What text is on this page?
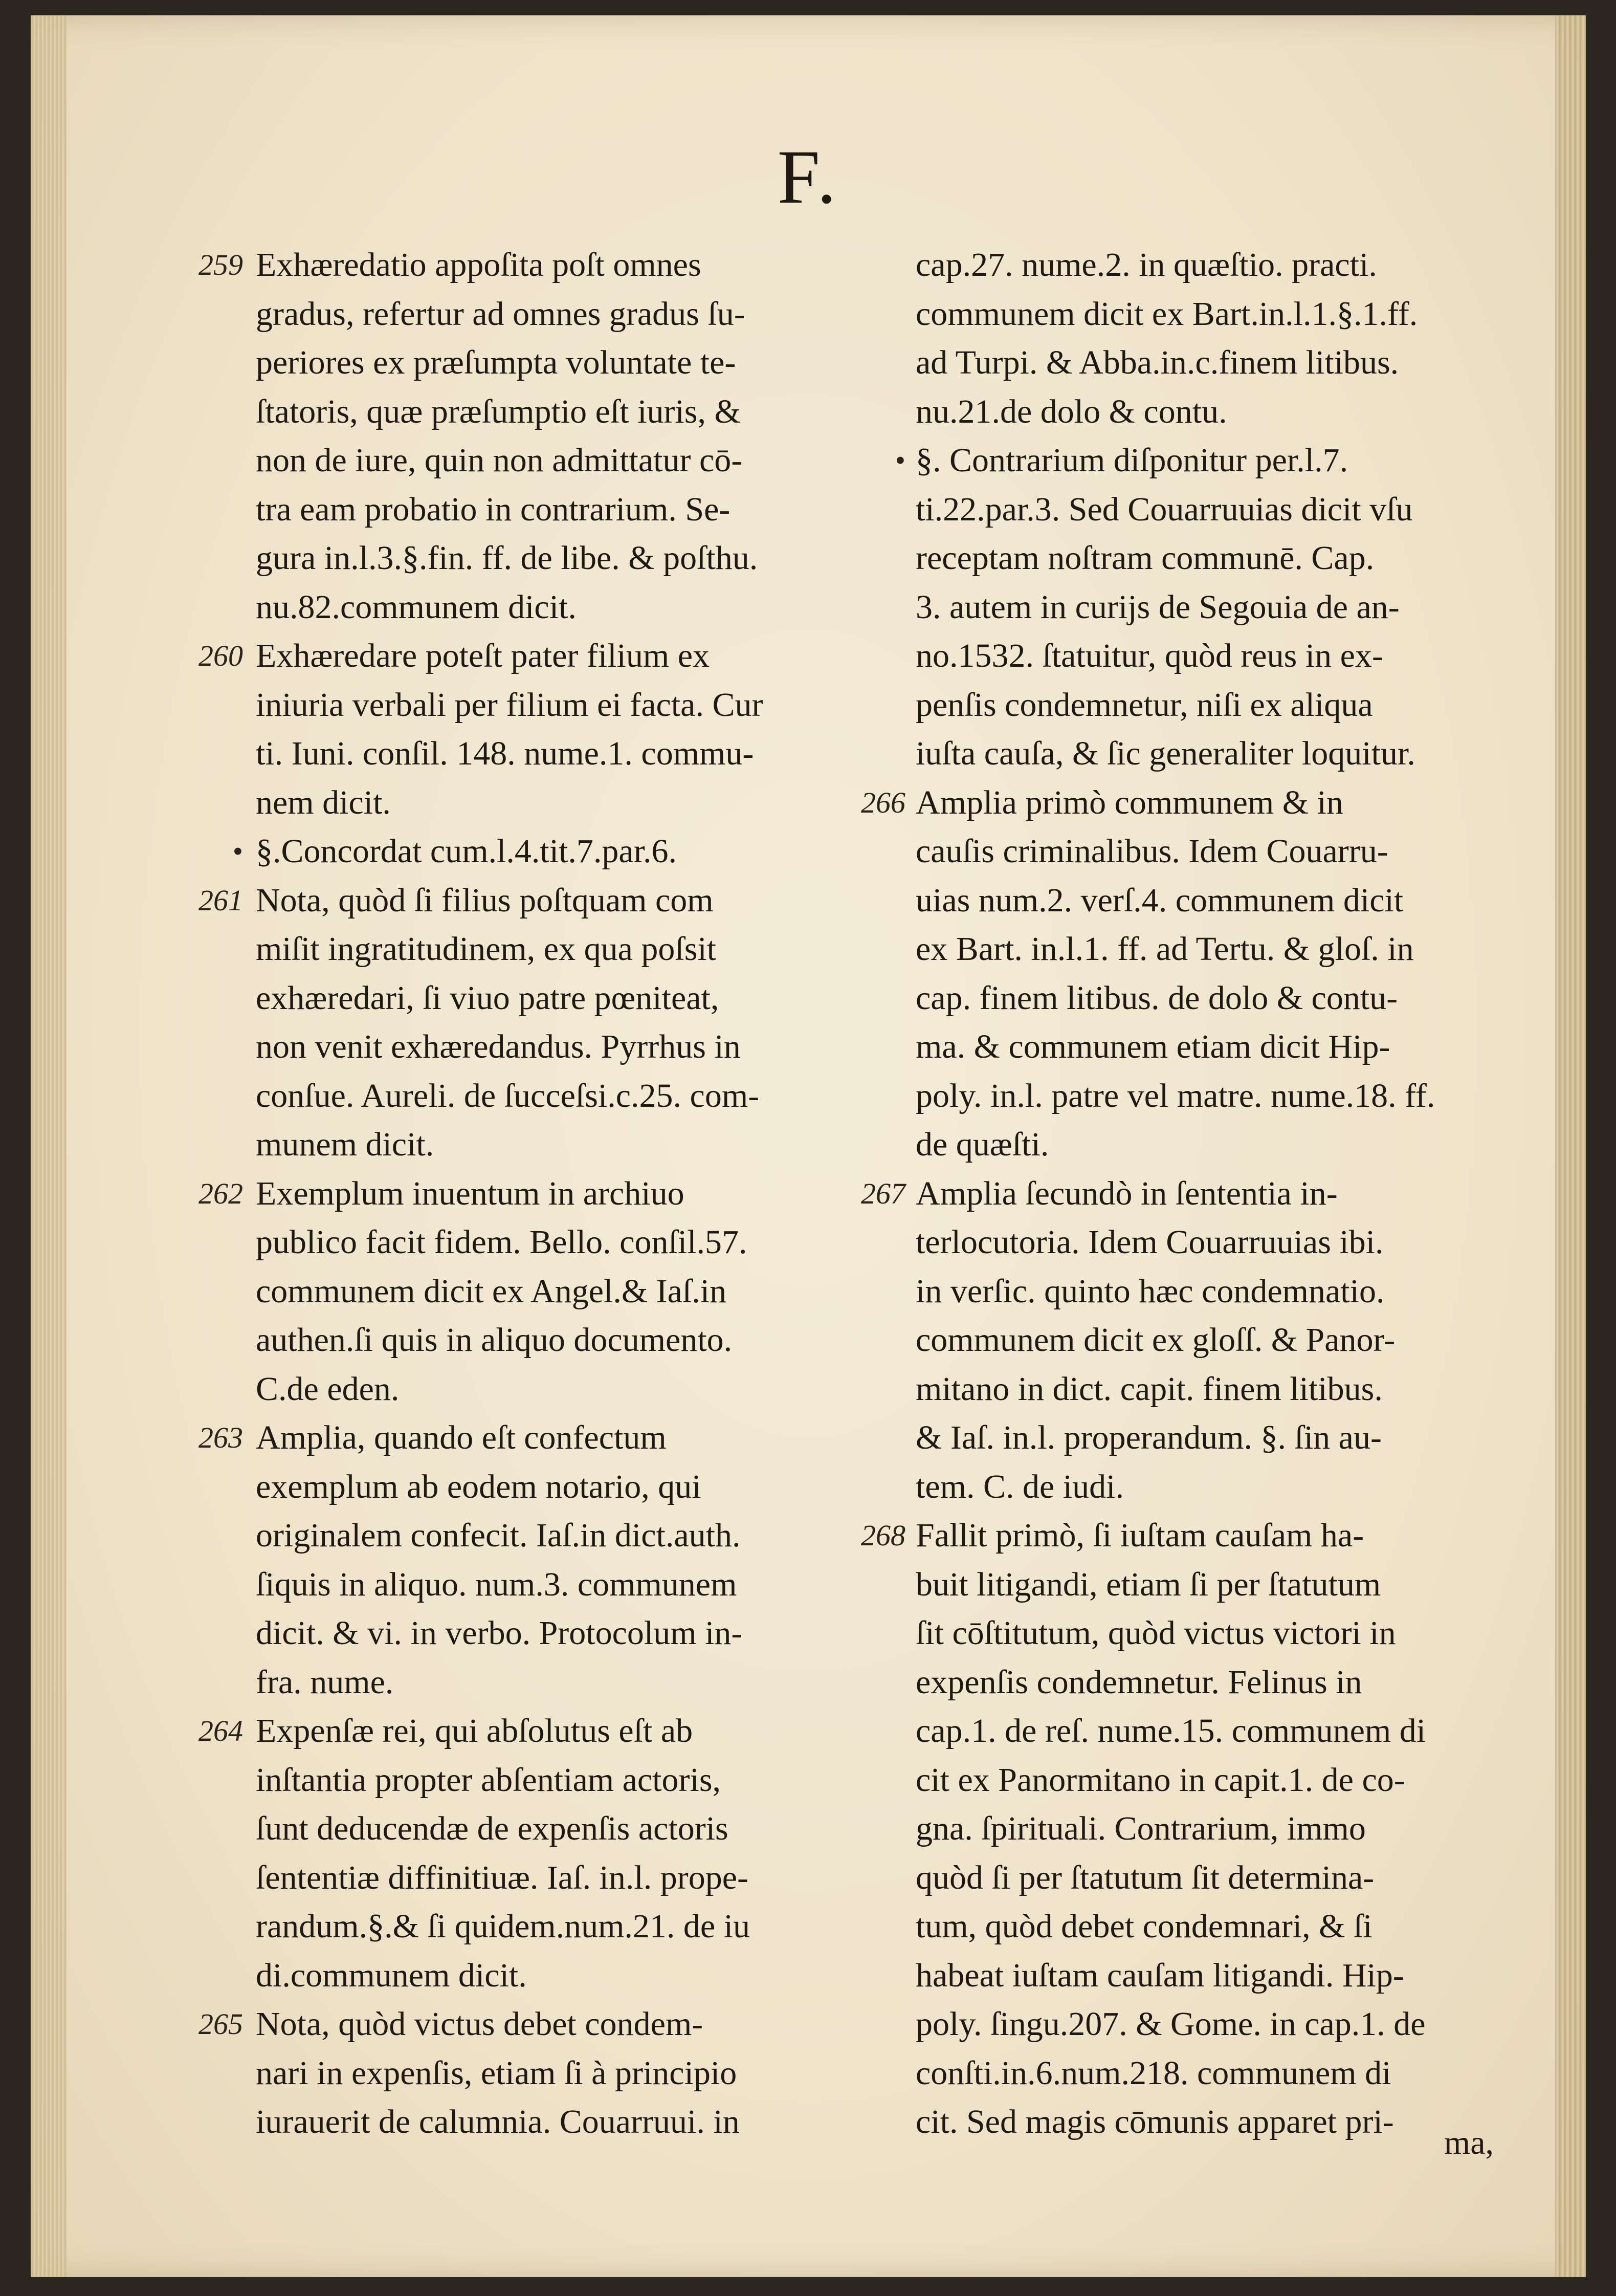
F.
259 Exhæredatio appoſita poſt omnes
gradus, refertur ad omnes gradus ſu-
periores ex præſumpta voluntate te-
ſtatoris, quæ præſumptio eſt iuris, &
non de iure, quin non admittatur cō-
tra eam probatio in contrarium. Se-
gura in.l.3.§.fin. ff. de libe. & poſthu.
nu.82.communem dicit.
260 Exhæredare poteſt pater filium ex
iniuria verbali per filium ei facta. Cur
ti. Iuni. conſil. 148. nume.1. commu-
nem dicit.
• §.Concordat cum.l.4.tit.7.par.6.
261 Nota, quòd ſi filius poſtquam com
miſit ingratitudinem, ex qua poſsit
exhæredari, ſi viuo patre pœniteat,
non venit exhæredandus. Pyrrhus in
conſue. Aureli. de ſucceſsi.c.25. com-
munem dicit.
262 Exemplum inuentum in archiuo
publico facit fidem. Bello. conſil.57.
communem dicit ex Angel.& Iaſ.in
authen.ſi quis in aliquo documento.
C.de eden.
263 Amplia, quando eſt confectum
exemplum ab eodem notario, qui
originalem confecit. Iaſ.in dict.auth.
ſiquis in aliquo. num.3. communem
dicit. & vi. in verbo. Protocolum in-
fra. nume.
264 Expenſæ rei, qui abſolutus eſt ab
inſtantia propter abſentiam actoris,
ſunt deducendæ de expenſis actoris
ſententiæ diffinitiuæ. Iaſ. in.l. prope-
randum.§.& ſi quidem.num.21. de iu
di.communem dicit.
265 Nota, quòd victus debet condem-
nari in expenſis, etiam ſi à principio
iurauerit de calumnia. Couarruui. in
cap.27. nume.2. in quæſtio. practi.
communem dicit ex Bart.in.l.1.§.1.ff.
ad Turpi. & Abba.in.c.finem litibus.
nu.21.de dolo & contu.
• §. Contrarium diſponitur per.l.7.
ti.22.par.3. Sed Couarruuias dicit vſu
receptam noſtram communē. Cap.
3. autem in curijs de Segouia de an-
no.1532. ſtatuitur, quòd reus in ex-
penſis condemnetur, niſi ex aliqua
iuſta cauſa, & ſic generaliter loquitur.
266 Amplia primò communem & in
cauſis criminalibus. Idem Couarru-
uias num.2. verſ.4. communem dicit
ex Bart. in.l.1. ff. ad Tertu. & gloſ. in
cap. finem litibus. de dolo & contu-
ma. & communem etiam dicit Hip-
poly. in.l. patre vel matre. nume.18. ff.
de quæſti.
267 Amplia ſecundò in ſententia in-
terlocutoria. Idem Couarruuias ibi.
in verſic. quinto hæc condemnatio.
communem dicit ex gloſſ. & Panor-
mitano in dict. capit. finem litibus.
& Iaſ. in.l. properandum. §. ſin au-
tem. C. de iudi.
268 Fallit primò, ſi iuſtam cauſam ha-
buit litigandi, etiam ſi per ſtatutum
ſit cōſtitutum, quòd victus victori in
expenſis condemnetur. Felinus in
cap.1. de reſ. nume.15. communem di
cit ex Panormitano in capit.1. de co-
gna. ſpirituali. Contrarium, immo
quòd ſi per ſtatutum ſit determina-
tum, quòd debet condemnari, & ſi
habeat iuſtam cauſam litigandi. Hip-
poly. ſingu.207. & Gome. in cap.1. de
conſti.in.6.num.218. communem di
cit. Sed magis cōmunis apparet pri-
ma,
